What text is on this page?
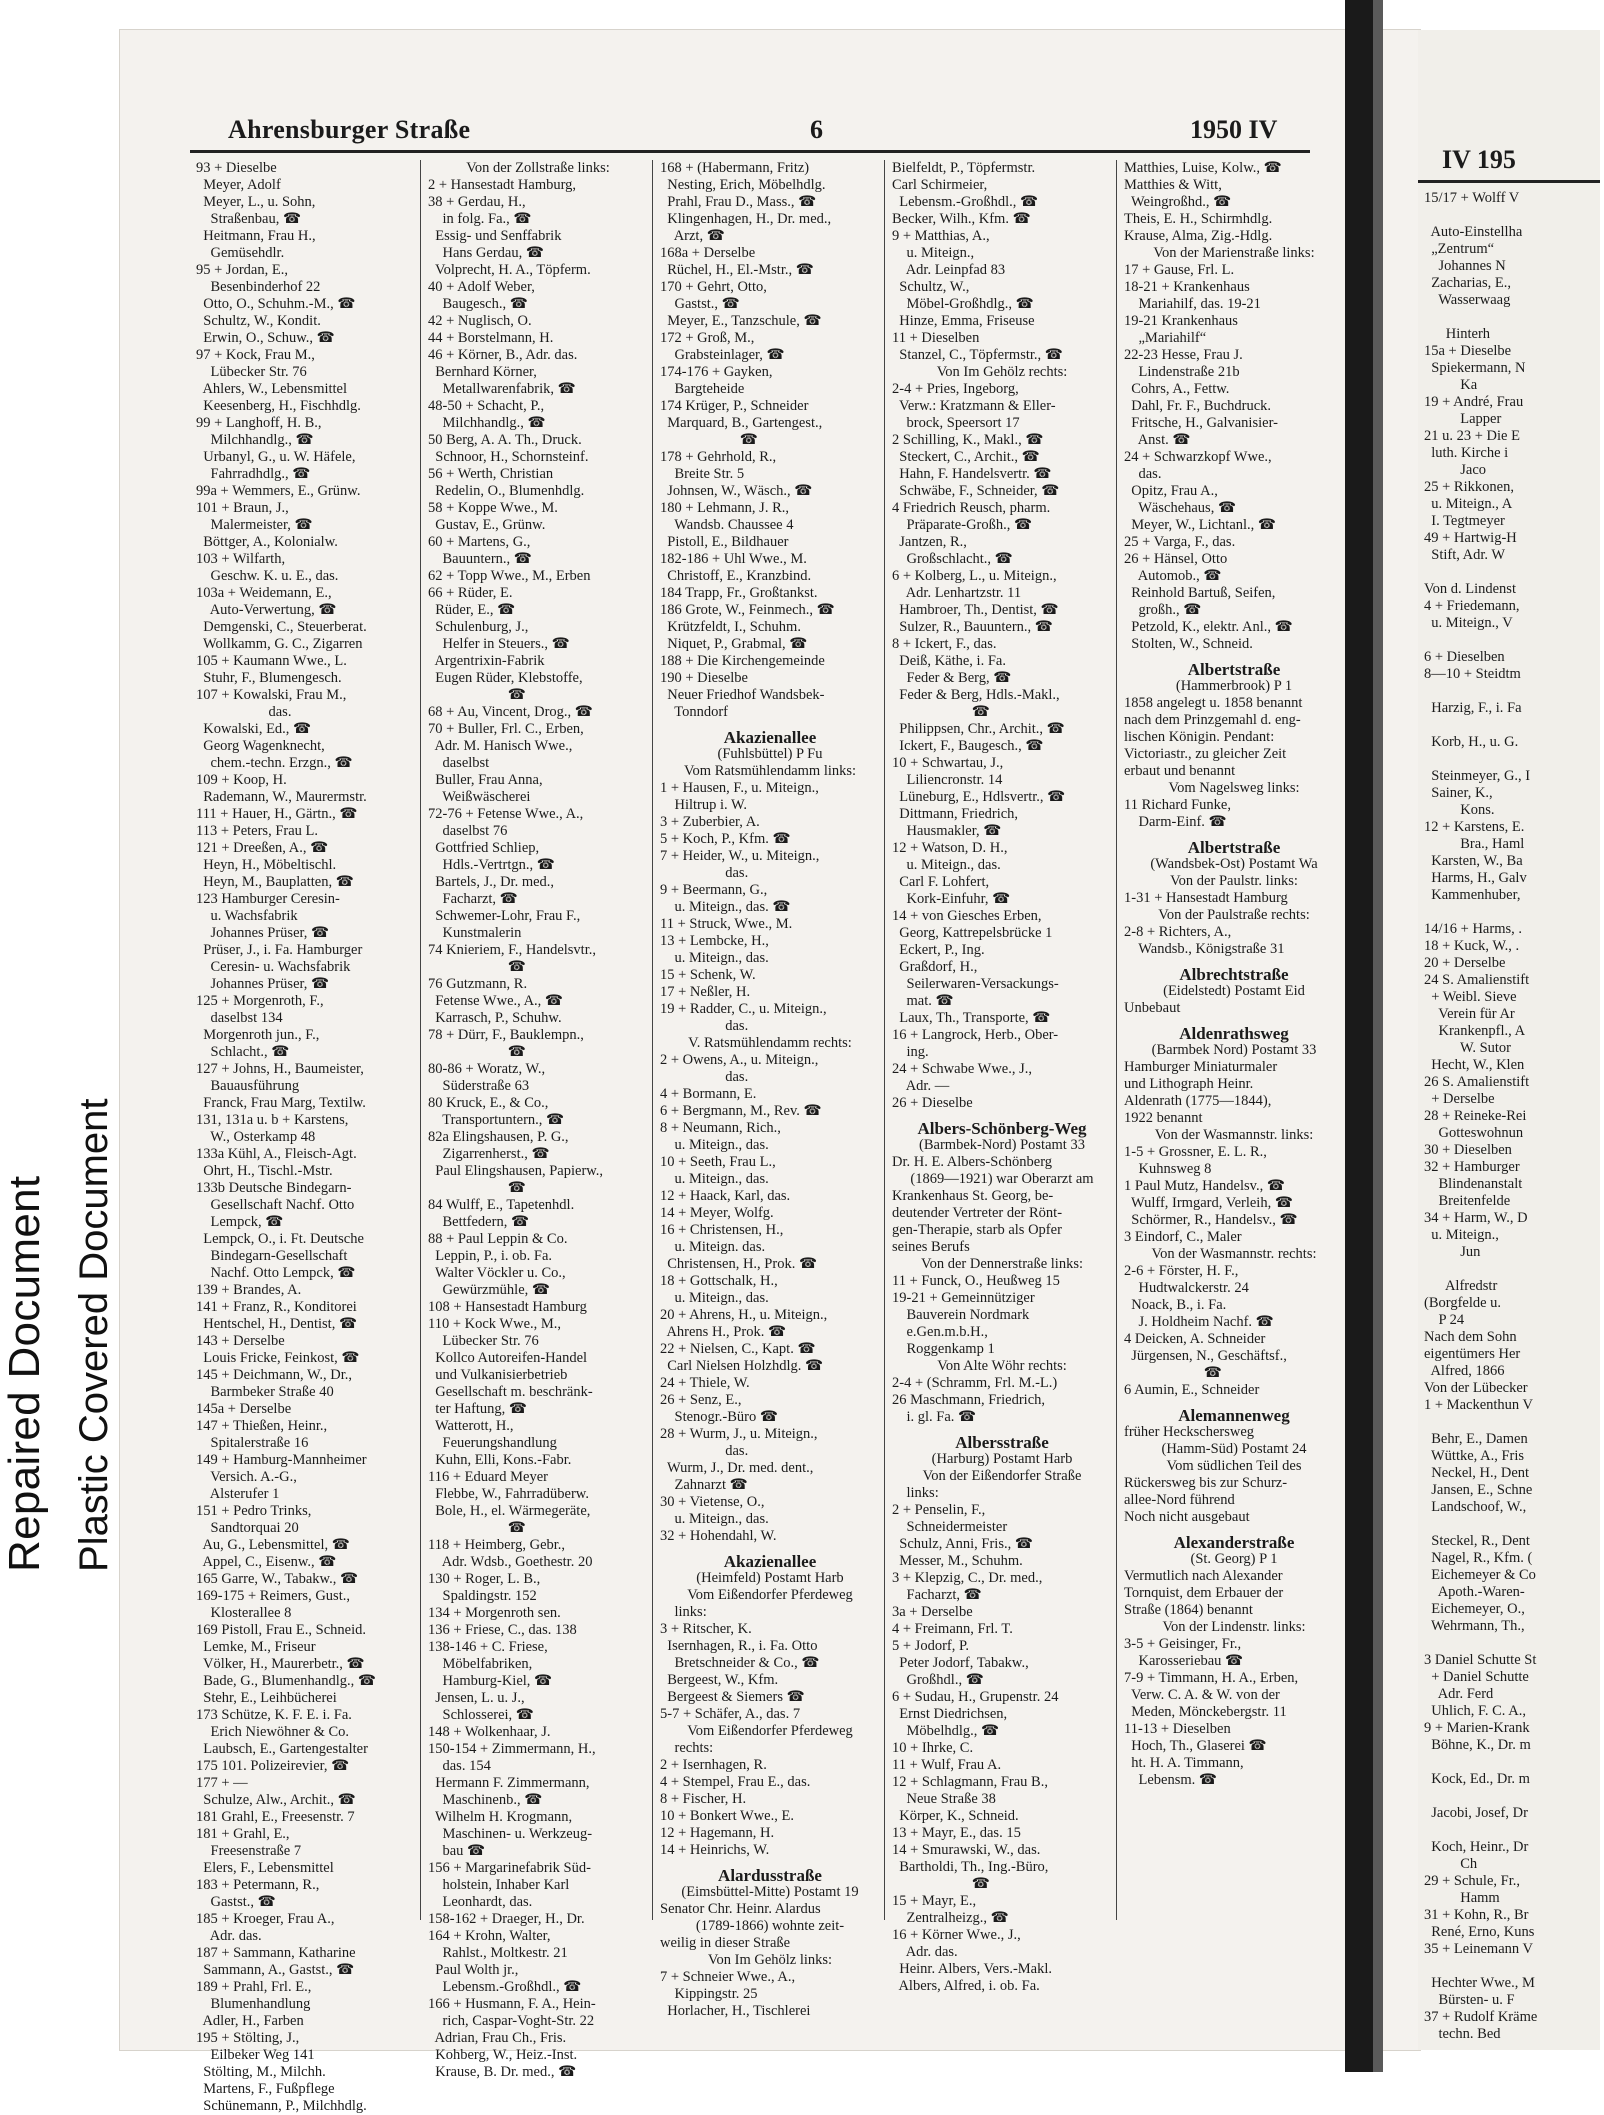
Repaired Document Plastic Covered Document
Ahrensburger Straße	6	1950 IV
93 + Dieselbe
Meyer, Adolf
Meyer, L., u. Sohn,
Straßenbau, ☎
Heitmann, Frau H.,
Gemüsehdlr.
95 + Jordan, E.,
Besenbinderhof 22
Otto, O., Schuhm.-M., ☎
Schultz, W., Kondit.
Erwin, O., Schuw., ☎
97 + Kock, Frau M.,
Lübecker Str. 76
Ahlers, W., Lebensmittel
Keesenberg, H., Fischhdlg.
99 + Langhoff, H. B.,
Milchhandlg., ☎
Urbanyl, G., u. W. Häfele,
Fahrradhdlg., ☎
99a + Wemmers, E., Grünw.
101 + Braun, J.,
Malermeister, ☎
Böttger, A., Kolonialw.
103 + Wilfarth,
Geschw. K. u. E., das.
103a + Weidemann, E.,
Auto-Verwertung, ☎
Demgenski, C., Steuerberat.
Wollkamm, G. C., Zigarren
105 + Kaumann Wwe., L.
Stuhr, F., Blumengesch.
107 + Kowalski, Frau M.,
das.
Kowalski, Ed., ☎
Georg Wagenknecht,
chem.-techn. Erzgn., ☎
109 + Koop, H.
Rademann, W., Maurermstr.
111 + Hauer, H., Gärtn., ☎
113 + Peters, Frau L.
121 + Dreeßen, A., ☎
Heyn, H., Möbeltischl.
Heyn, M., Bauplatten, ☎
123 Hamburger Ceresin-
u. Wachsfabrik
Johannes Prüser, ☎
Prüser, J., i. Fa. Hamburger
Ceresin- u. Wachsfabrik
Johannes Prüser, ☎
125 + Morgenroth, F.,
daselbst 134
Morgenroth jun., F.,
Schlacht., ☎
127 + Johns, H., Baumeister,
Bauausführung
Franck, Frau Marg, Textilw.
131, 131a u. b + Karstens,
W., Osterkamp 48
133a Kühl, A., Fleisch-Agt.
Ohrt, H., Tischl.-Mstr.
133b Deutsche Bindegarn-
Gesellschaft Nachf. Otto
Lempck, ☎
Lempck, O., i. Ft. Deutsche
Bindegarn-Gesellschaft
Nachf. Otto Lempck, ☎
139 + Brandes, A.
141 + Franz, R., Konditorei
Hentschel, H., Dentist, ☎
143 + Derselbe
Louis Fricke, Feinkost, ☎
145 + Deichmann, W., Dr.,
Barmbeker Straße 40
145a + Derselbe
147 + Thießen, Heinr.,
Spitalerstraße 16
149 + Hamburg-Mannheimer
Versich. A.-G.,
Alsterufer 1
151 + Pedro Trinks,
Sandtorquai 20
Au, G., Lebensmittel, ☎
Appel, C., Eisenw., ☎
165 Garre, W., Tabakw., ☎
169-175 + Reimers, Gust.,
Klosterallee 8
169 Pistoll, Frau E., Schneid.
Lemke, M., Friseur
Völker, H., Maurerbetr., ☎
Bade, G., Blumenhandlg., ☎
Stehr, E., Leihbücherei
173 Schütze, K. F. E. i. Fa.
Erich Niewöhner & Co.
Laubsch, E., Gartengestalter
175 101. Polizeirevier, ☎
177 + —
Schulze, Alw., Archit., ☎
181 Grahl, E., Freesenstr. 7
181 + Grahl, E.,
Freesenstraße 7
Elers, F., Lebensmittel
183 + Petermann, R.,
Gastst., ☎
185 + Kroeger, Frau A.,
Adr. das.
187 + Sammann, Katharine
Sammann, A., Gastst., ☎
189 + Prahl, Frl. E.,
Blumenhandlung
Adler, H., Farben
195 + Stölting, J.,
Eilbeker Weg 141
Stölting, M., Milchh.
Martens, F., Fußpflege
Schünemann, P., Milchhdlg.
Von der Zollstraße links:
2 + Hansestadt Hamburg,
38 + Gerdau, H.,
in folg. Fa., ☎
Essig- und Senffabrik
Hans Gerdau, ☎
Volprecht, H. A., Töpferm.
40 + Adolf Weber,
Baugesch., ☎
42 + Nuglisch, O.
44 + Borstelmann, H.
46 + Körner, B., Adr. das.
Bernhard Körner,
Metallwarenfabrik, ☎
48-50 + Schacht, P.,
Milchhandlg., ☎
50 Berg, A. A. Th., Druck.
Schnoor, H., Schornsteinf.
56 + Werth, Christian
Redelin, O., Blumenhdlg.
58 + Koppe Wwe., M.
Gustav, E., Grünw.
60 + Martens, G.,
Bauuntern., ☎
62 + Topp Wwe., M., Erben
66 + Rüder, E.
Rüder, E., ☎
Schulenburg, J.,
Helfer in Steuers., ☎
Argentrixin-Fabrik
Eugen Rüder, Klebstoffe,
☎
68 + Au, Vincent, Drog., ☎
70 + Buller, Frl. C., Erben,
Adr. M. Hanisch Wwe.,
daselbst
Buller, Frau Anna,
Weißwäscherei
72-76 + Fetense Wwe., A.,
daselbst 76
Gottfried Schliep,
Hdls.-Vertrtgn., ☎
Bartels, J., Dr. med.,
Facharzt, ☎
Schwemer-Lohr, Frau F.,
Kunstmalerin
74 Knieriem, F., Handelsvtr.,
☎
76 Gutzmann, R.
Fetense Wwe., A., ☎
Karrasch, P., Schuhw.
78 + Dürr, F., Bauklempn.,
☎
80-86 + Woratz, W.,
Süderstraße 63
80 Kruck, E., & Co.,
Transportuntern., ☎
82a Elingshausen, P. G.,
Zigarrenherst., ☎
Paul Elingshausen, Papierw.,
☎
84 Wulff, E., Tapetenhdl.
Bettfedern, ☎
88 + Paul Leppin & Co.
Leppin, P., i. ob. Fa.
Walter Vöckler u. Co.,
Gewürzmühle, ☎
108 + Hansestadt Hamburg
110 + Kock Wwe., M.,
Lübecker Str. 76
Kollco Autoreifen-Handel
und Vulkanisierbetrieb
Gesellschaft m. beschränk-
ter Haftung, ☎
Watterott, H.,
Feuerungshandlung
Kuhn, Elli, Kons.-Fabr.
116 + Eduard Meyer
Flebbe, W., Fahrradüberw.
Bole, H., el. Wärmegeräte,
☎
118 + Heimberg, Gebr.,
Adr. Wdsb., Goethestr. 20
130 + Roger, L. B.,
Spaldingstr. 152
134 + Morgenroth sen.
136 + Friese, C., das. 138
138-146 + C. Friese,
Möbelfabriken,
Hamburg-Kiel, ☎
Jensen, L. u. J.,
Schlosserei, ☎
148 + Wolkenhaar, J.
150-154 + Zimmermann, H.,
das. 154
Hermann F. Zimmermann,
Maschinenb., ☎
Wilhelm H. Krogmann,
Maschinen- u. Werkzeug-
bau ☎
156 + Margarinefabrik Süd-
holstein, Inhaber Karl
Leonhardt, das.
158-162 + Draeger, H., Dr.
164 + Krohn, Walter,
Rahlst., Moltkestr. 21
Paul Wolth jr.,
Lebensm.-Großhdl., ☎
166 + Husmann, F. A., Hein-
rich, Caspar-Voght-Str. 22
Adrian, Frau Ch., Fris.
Kohberg, W., Heiz.-Inst.
Krause, B. Dr. med., ☎
168 + (Habermann, Fritz)
Nesting, Erich, Möbelhdlg.
Prahl, Frau D., Mass., ☎
Klingenhagen, H., Dr. med.,
Arzt, ☎
168a + Derselbe
Rüchel, H., El.-Mstr., ☎
170 + Gehrt, Otto,
Gastst., ☎
Meyer, E., Tanzschule, ☎
172 + Groß, M.,
Grabsteinlager, ☎
174-176 + Gayken,
Bargteheide
174 Krüger, P., Schneider
Marquard, B., Gartengest.,
☎
178 + Gehrhold, R.,
Breite Str. 5
Johnsen, W., Wäsch., ☎
180 + Lehmann, J. R.,
Wandsb. Chaussee 4
Pistoll, E., Bildhauer
182-186 + Uhl Wwe., M.
Christoff, E., Kranzbind.
184 Trapp, Fr., Großtankst.
186 Grote, W., Feinmech., ☎
Krützfeldt, I., Schuhm.
Niquet, P., Grabmal, ☎
188 + Die Kirchengemeinde
190 + Dieselbe
Neuer Friedhof Wandsbek-
Tonndorf
Akazienallee
(Fuhlsbüttel) P Fu
Vom Ratsmühlendamm links:
1 + Hausen, F., u. Miteign.,
Hiltrup i. W.
3 + Zuberbier, A.
5 + Koch, P., Kfm. ☎
7 + Heider, W., u. Miteign.,
das.
9 + Beermann, G.,
u. Miteign., das. ☎
11 + Struck, Wwe., M.
13 + Lembcke, H.,
u. Miteign., das.
15 + Schenk, W.
17 + Neßler, H.
19 + Radder, C., u. Miteign.,
das.
V. Ratsmühlendamm rechts:
2 + Owens, A., u. Miteign.,
das.
4 + Bormann, E.
6 + Bergmann, M., Rev. ☎
8 + Neumann, Rich.,
u. Miteign., das.
10 + Seeth, Frau L.,
u. Miteign., das.
12 + Haack, Karl, das.
14 + Meyer, Wolfg.
16 + Christensen, H.,
u. Miteign. das.
Christensen, H., Prok. ☎
18 + Gottschalk, H.,
u. Miteign., das.
20 + Ahrens, H., u. Miteign.,
Ahrens H., Prok. ☎
22 + Nielsen, C., Kapt. ☎
Carl Nielsen Holzhdlg. ☎
24 + Thiele, W.
26 + Senz, E.,
Stenogr.-Büro ☎
28 + Wurm, J., u. Miteign.,
das.
Wurm, J., Dr. med. dent.,
Zahnarzt ☎
30 + Vietense, O.,
u. Miteign., das.
32 + Hohendahl, W.
Akazienallee
(Heimfeld) Postamt Harb
Vom Eißendorfer Pferdeweg
links:
3 + Ritscher, K.
Isernhagen, R., i. Fa. Otto
Bretschneider & Co., ☎
Bergeest, W., Kfm.
Bergeest & Siemers ☎
5-7 + Schäfer, A., das. 7
Vom Eißendorfer Pferdeweg
rechts:
2 + Isernhagen, R.
4 + Stempel, Frau E., das.
8 + Fischer, H.
10 + Bonkert Wwe., E.
12 + Hagemann, H.
14 + Heinrichs, W.
Alardusstraße
(Eimsbüttel-Mitte) Postamt 19
Senator Chr. Heinr. Alardus
(1789-1866) wohnte zeit-
weilig in dieser Straße
Von Im Gehölz links:
7 + Schneier Wwe., A.,
Kippingstr. 25
Horlacher, H., Tischlerei
Bielfeldt, P., Töpfermstr.
Carl Schirmeier,
Lebensm.-Großhdl., ☎
Becker, Wilh., Kfm. ☎
9 + Matthias, A.,
u. Miteign.,
Adr. Leinpfad 83
Schultz, W.,
Möbel-Großhdlg., ☎
Hinze, Emma, Friseuse
11 + Dieselben
Stanzel, C., Töpfermstr., ☎
Von Im Gehölz rechts:
2-4 + Pries, Ingeborg,
Verw.: Kratzmann & Eller-
brock, Speersort 17
2 Schilling, K., Makl., ☎
Steckert, C., Archit., ☎
Hahn, F. Handelsvertr. ☎
Schwäbe, F., Schneider, ☎
4 Friedrich Reusch, pharm.
Präparate-Großh., ☎
Jantzen, R.,
Großschlacht., ☎
6 + Kolberg, L., u. Miteign.,
Adr. Lenhartzstr. 11
Hambroer, Th., Dentist, ☎
Sulzer, R., Bauuntern., ☎
8 + Ickert, F., das.
Deiß, Käthe, i. Fa.
Feder & Berg, ☎
Feder & Berg, Hdls.-Makl.,
☎
Philippsen, Chr., Archit., ☎
Ickert, F., Baugesch., ☎
10 + Schwartau, J.,
Liliencronstr. 14
Lüneburg, E., Hdlsvertr., ☎
Dittmann, Friedrich,
Hausmakler, ☎
12 + Watson, D. H.,
u. Miteign., das.
Carl F. Lohfert,
Kork-Einfuhr, ☎
14 + von Giesches Erben,
Georg, Kattrepelsbrücke 1
Eckert, P., Ing.
Graßdorf, H.,
Seilerwaren-Versackungs-
mat. ☎
Laux, Th., Transporte, ☎
16 + Langrock, Herb., Ober-
ing.
24 + Schwabe Wwe., J.,
Adr. —
26 + Dieselbe
Albers-Schönberg-Weg
(Barmbek-Nord) Postamt 33
Dr. H. E. Albers-Schönberg
(1869—1921) war Oberarzt am
Krankenhaus St. Georg, be-
deutender Vertreter der Rönt-
gen-Therapie, starb als Opfer
seines Berufs
Von der Dennerstraße links:
11 + Funck, O., Heußweg 15
19-21 + Gemeinnütziger
Bauverein Nordmark
e.Gen.m.b.H.,
Roggenkamp 1
Von Alte Wöhr rechts:
2-4 + (Schramm, Frl. M.-L.)
26 Maschmann, Friedrich,
i. gl. Fa. ☎
Albersstraße
(Harburg) Postamt Harb
Von der Eißendorfer Straße
links:
2 + Penselin, F.,
Schneidermeister
Schulz, Anni, Fris., ☎
Messer, M., Schuhm.
3 + Klepzig, C., Dr. med.,
Facharzt, ☎
3a + Derselbe
4 + Freimann, Frl. T.
5 + Jodorf, P.
Peter Jodorf, Tabakw.,
Großhdl., ☎
6 + Sudau, H., Grupenstr. 24
Ernst Diedrichsen,
Möbelhdlg., ☎
10 + Ihrke, C.
11 + Wulf, Frau A.
12 + Schlagmann, Frau B.,
Neue Straße 38
Körper, K., Schneid.
13 + Mayr, E., das. 15
14 + Smurawski, W., das.
Bartholdi, Th., Ing.-Büro,
☎
15 + Mayr, E.,
Zentralheizg., ☎
16 + Körner Wwe., J.,
Adr. das.
Heinr. Albers, Vers.-Makl.
Albers, Alfred, i. ob. Fa.
Matthies, Luise, Kolw., ☎
Matthies & Witt,
Weingroßhd., ☎
Theis, E. H., Schirmhdlg.
Krause, Alma, Zig.-Hdlg.
Von der Marienstraße links:
17 + Gause, Frl. L.
18-21 + Krankenhaus
Mariahilf, das. 19-21
19-21 Krankenhaus
„Mariahilf“
22-23 Hesse, Frau J.
Lindenstraße 21b
Cohrs, A., Fettw.
Dahl, Fr. F., Buchdruck.
Fritsche, H., Galvanisier-
Anst. ☎
24 + Schwarzkopf Wwe.,
das.
Opitz, Frau A.,
Wäschehaus, ☎
Meyer, W., Lichtanl., ☎
25 + Varga, F., das.
26 + Hänsel, Otto
Automob., ☎
Reinhold Bartuß, Seifen,
großh., ☎
Petzold, K., elektr. Anl., ☎
Stolten, W., Schneid.
Albertstraße
(Hammerbrook) P 1
1858 angelegt u. 1858 benannt
nach dem Prinzgemahl d. eng-
lischen Königin. Pendant:
Victoriastr., zu gleicher Zeit
erbaut und benannt
Vom Nagelsweg links:
11 Richard Funke,
Darm-Einf. ☎
Albertstraße
(Wandsbek-Ost) Postamt Wa
Von der Paulstr. links:
1-31 + Hansestadt Hamburg
Von der Paulstraße rechts:
2-8 + Richters, A.,
Wandsb., Königstraße 31
Albrechtstraße
(Eidelstedt) Postamt Eid
Unbebaut
Aldenrathsweg
(Barmbek Nord) Postamt 33
Hamburger Miniaturmaler
und Lithograph Heinr.
Aldenrath (1775—1844),
1922 benannt
Von der Wasmannstr. links:
1-5 + Grossner, E. L. R.,
Kuhnsweg 8
1 Paul Mutz, Handelsv., ☎
Wulff, Irmgard, Verleih, ☎
Schörmer, R., Handelsv., ☎
3 Eindorf, C., Maler
Von der Wasmannstr. rechts:
2-6 + Förster, H. F.,
Hudtwalckerstr. 24
Noack, B., i. Fa.
J. Holdheim Nachf. ☎
4 Deicken, A. Schneider
Jürgensen, N., Geschäftsf.,
☎
6 Aumin, E., Schneider
Alemannenweg
früher Heckschersweg
(Hamm-Süd) Postamt 24
Vom südlichen Teil des
Rückersweg bis zur Schurz-
allee-Nord führend
Noch nicht ausgebaut
Alexanderstraße
(St. Georg) P 1
Vermutlich nach Alexander
Tornquist, dem Erbauer der
Straße (1864) benannt
Von der Lindenstr. links:
3-5 + Geisinger, Fr.,
Karosseriebau ☎
7-9 + Timmann, H. A., Erben,
Verw. C. A. & W. von der
Meden, Mönckebergstr. 11
11-13 + Dieselben
Hoch, Th., Glaserei ☎
ht. H. A. Timmann,
Lebensm. ☎
IV 195
15/17 + Wolff V

Auto-Einstellha
„Zentrum“
Johannes N
Zacharias, E.,
Wasserwaag

Hinterh
15a + Dieselbe
Spiekermann, N
Ka
19 + André, Frau
Lapper
21 u. 23 + Die E
luth. Kirche i
Jaco
25 + Rikkonen,
u. Miteign., A
I. Tegtmeyer
49 + Hartwig-H
Stift, Adr. W

Von d. Lindenst
4 + Friedemann,
u. Miteign., V

6 + Dieselben
8—10 + Steidtm

Harzig, F., i. Fa

Korb, H., u. G.

Steinmeyer, G., I
Sainer, K.,
Kons.
12 + Karstens, E.
Bra., Haml
Karsten, W., Ba
Harms, H., Galv
Kammenhuber,

14/16 + Harms, .
18 + Kuck, W., .
20 + Derselbe
24 S. Amalienstift
+ Weibl. Sieve
Verein für Ar
Krankenpfl., A
W. Sutor
Hecht, W., Klen
26 S. Amalienstift
+ Derselbe
28 + Reineke-Rei
Gotteswohnun
30 + Dieselben
32 + Hamburger
Blindenanstalt
Breitenfelde
34 + Harm, W., D
u. Miteign.,
Jun

Alfredstr
(Borgfelde u.
P 24
Nach dem Sohn
eigentümers Her
Alfred, 1866
Von der Lübecker
1 + Mackenthun V

Behr, E., Damen
Wüttke, A., Fris
Neckel, H., Dent
Jansen, E., Schne
Landschoof, W.,

Steckel, R., Dent
Nagel, R., Kfm. (
Eichemeyer & Co
Apoth.-Waren-
Eichemeyer, O.,
Wehrmann, Th.,

3 Daniel Schutte St
+ Daniel Schutte
Adr. Ferd
Uhlich, F. C. A.,
9 + Marien-Krank
Böhne, K., Dr. m

Kock, Ed., Dr. m

Jacobi, Josef, Dr

Koch, Heinr., Dr
Ch
29 + Schule, Fr.,
Hamm
31 + Kohn, R., Br
René, Erno, Kuns
35 + Leinemann V

Hechter Wwe., M
Bürsten- u. F
37 + Rudolf Kräme
techn. Bed
